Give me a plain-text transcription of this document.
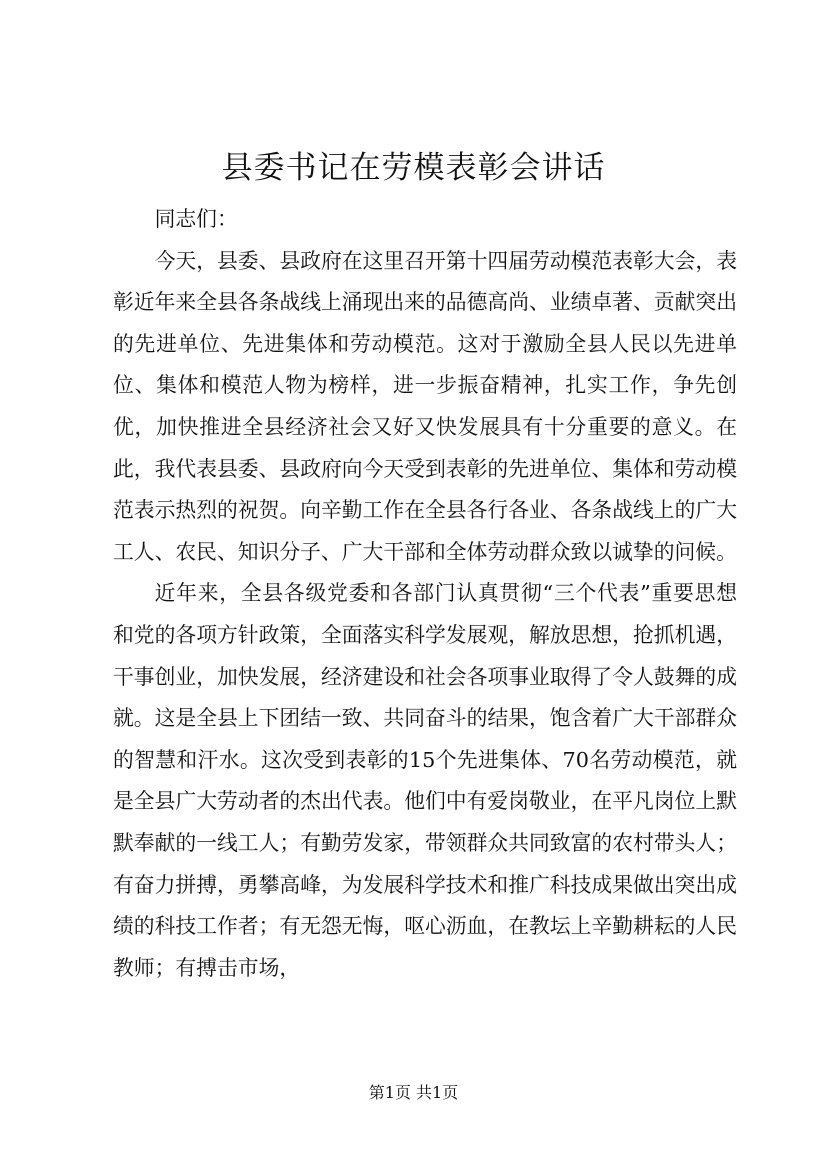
县委书记在劳模表彰会讲话

同志们：

今天，县委、县政府在这里召开第十四届劳动模范表彰大会，表彰近年来全县各条战线上涌现出来的品德高尚、业绩卓著、贡献突出的先进单位、先进集体和劳动模范。这对于激励全县人民以先进单位、集体和模范人物为榜样，进一步振奋精神，扎实工作，争先创优，加快推进全县经济社会又好又快发展具有十分重要的意义。在此，我代表县委、县政府向今天受到表彰的先进单位、集体和劳动模范表示热烈的祝贺。向辛勤工作在全县各行各业、各条战线上的广大工人、农民、知识分子、广大干部和全体劳动群众致以诚挚的问候。

近年来，全县各级党委和各部门认真贯彻“三个代表”重要思想和党的各项方针政策，全面落实科学发展观，解放思想，抢抓机遇，干事创业，加快发展，经济建设和社会各项事业取得了令人鼓舞的成就。这是全县上下团结一致、共同奋斗的结果，饱含着广大干部群众的智慧和汗水。这次受到表彰的15个先进集体、70名劳动模范，就是全县广大劳动者的杰出代表。他们中有爱岗敬业，在平凡岗位上默默奉献的一线工人；有勤劳发家，带领群众共同致富的农村带头人；有奋力拼搏，勇攀高峰，为发展科学技术和推广科技成果做出突出成绩的科技工作者；有无怨无悔，呕心沥血，在教坛上辛勤耕耘的人民教师；有搏击市场，

第1页 共1页
